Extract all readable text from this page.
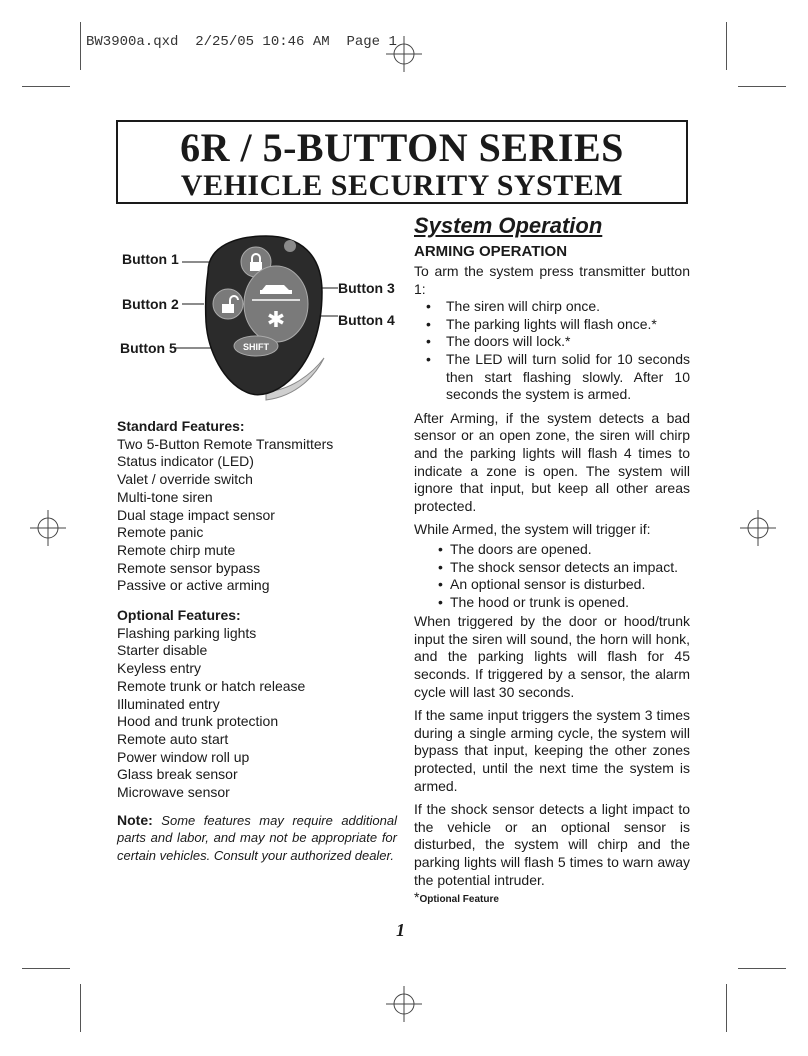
BW3900a.qxd  2/25/05 10:46 AM  Page 1
6R / 5-BUTTON SERIES
VEHICLE SECURITY SYSTEM
✱
SHIFT
Button 1
Button 2
Button 5
Button 3
Button 4
Standard Features:
Two 5-Button Remote Transmitters
Status indicator (LED)
Valet / override switch
Multi-tone siren
Dual stage impact sensor
Remote panic
Remote chirp mute
Remote sensor bypass
Passive or active arming
Optional Features:
Flashing parking lights
Starter disable
Keyless entry
Remote trunk or hatch release
Illuminated entry
Hood and trunk protection
Remote auto start
Power window roll up
Glass break sensor
Microwave sensor
Note: Some features may require additional parts and labor, and may not be appropriate for certain vehicles. Consult your authorized dealer.
System Operation
ARMING OPERATION
To arm the system press transmitter button 1:
• The siren will chirp once.
• The parking lights will flash once.*
• The doors will lock.*
• The LED will turn solid for 10 seconds then start flashing slowly. After 10 seconds the system is armed.
After Arming, if the system detects a bad sensor or an open zone, the siren will chirp and the parking lights will flash 4 times to indicate a zone is open. The system will ignore that input, but keep all other areas protected.
While Armed, the system will trigger if:
• The doors are opened.
• The shock sensor detects an impact.
• An optional sensor is disturbed.
• The hood or trunk is opened.
When triggered by the door or hood/trunk input the siren will sound, the horn will honk, and the parking lights will flash for 45 seconds. If triggered by a sensor, the alarm cycle will last 30 seconds.
If the same input triggers the system 3 times during a single arming cycle, the system will bypass that input, keeping the other zones protected, until the next time the system is armed.
If the shock sensor detects a light impact to the vehicle or an optional sensor is disturbed, the system will chirp and the parking lights will flash 5 times to warn away the potential intruder.
*Optional Feature
1
